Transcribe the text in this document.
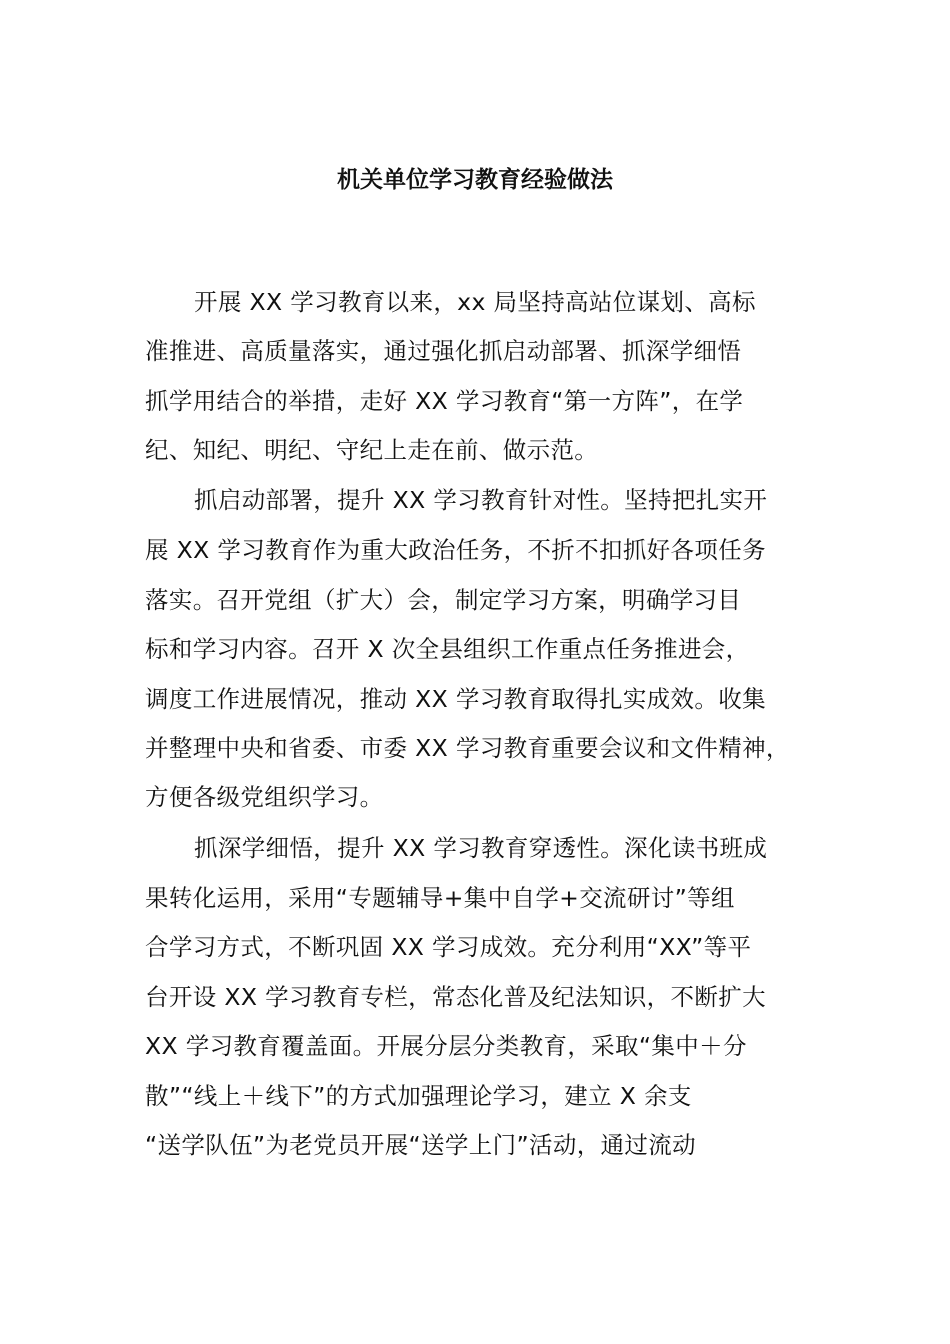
机关单位学习教育经验做法
开展 XX 学习教育以来，xx 局坚持高站位谋划、高标
准推进、高质量落实，通过强化抓启动部署、抓深学细悟
抓学用结合的举措，走好 XX 学习教育“第一方阵”，在学
纪、知纪、明纪、守纪上走在前、做示范。
抓启动部署，提升 XX 学习教育针对性。坚持把扎实开
展 XX 学习教育作为重大政治任务，不折不扣抓好各项任务
落实。召开党组（扩大）会，制定学习方案，明确学习目
标和学习内容。召开 X 次全县组织工作重点任务推进会，
调度工作进展情况，推动 XX 学习教育取得扎实成效。收集
并整理中央和省委、市委 XX 学习教育重要会议和文件精神，
方便各级党组织学习。
抓深学细悟，提升 XX 学习教育穿透性。深化读书班成
果转化运用，采用“专题辅导+集中自学+交流研讨”等组
合学习方式，不断巩固 XX 学习成效。充分利用“XX”等平
台开设 XX 学习教育专栏，常态化普及纪法知识，不断扩大
XX 学习教育覆盖面。开展分层分类教育，采取“集中＋分
散”“线上＋线下”的方式加强理论学习，建立 X 余支
“送学队伍”为老党员开展“送学上门”活动，通过流动
